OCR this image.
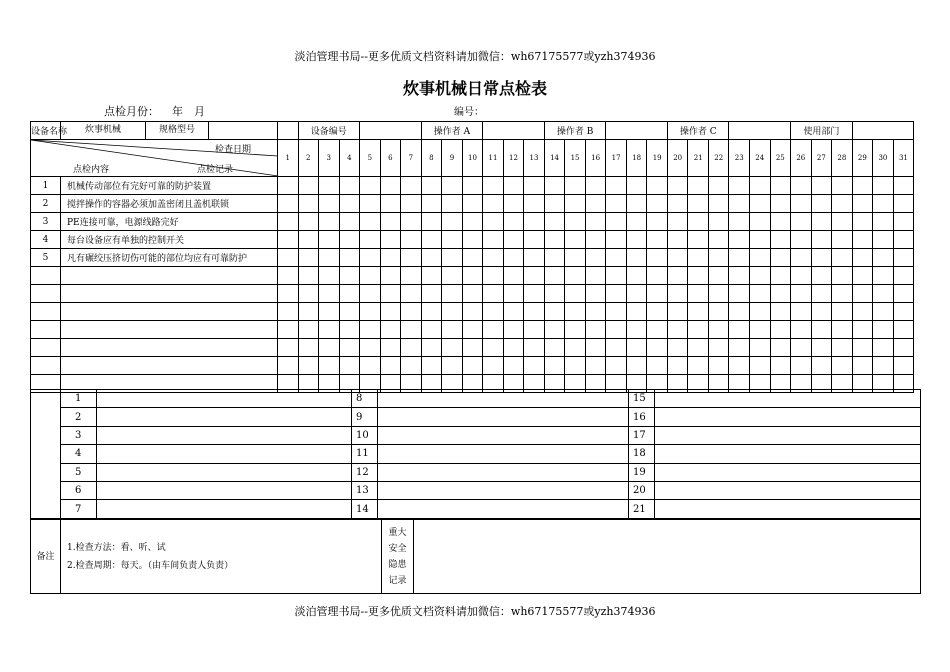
淡泊管理书局--更多优质文档资料请加微信：wh67175577或yzh374936
炊事机械日常点检表
点检月份： 年 月	编号：
设备名称	炊事机械 规格型号		设备编号						操作者 A						操作者 B						操作者 C						使用部门					

检查日期
点检内容 点检记录		1	2	3	4	5	6	7	8	9	10	11	12	13	14	15	16	17	18	19	20	21	22	23	24	25	26	27	28	29	30	31
1	机械传动部位有完好可靠的防护装置																															
2	搅拌操作的容器必须加盖密闭且盖机联锁																															
3	PE连接可靠，电源线路完好																															
4	每台设备应有单独的控制开关																															
5	凡有碾绞压挤切伤可能的部位均应有可靠防护																															

	1		8		15	
	2		9		16	
	3		10		17	
	4		11		18	
	5		12		19	
	6		13		20	
	7		14		21	
备注	
1.检查方法：看、听、试
2.检查周期：每天。（由车间负责人负责）
	重大安全隐患记录	
淡泊管理书局--更多优质文档资料请加微信：wh67175577或yzh374936
